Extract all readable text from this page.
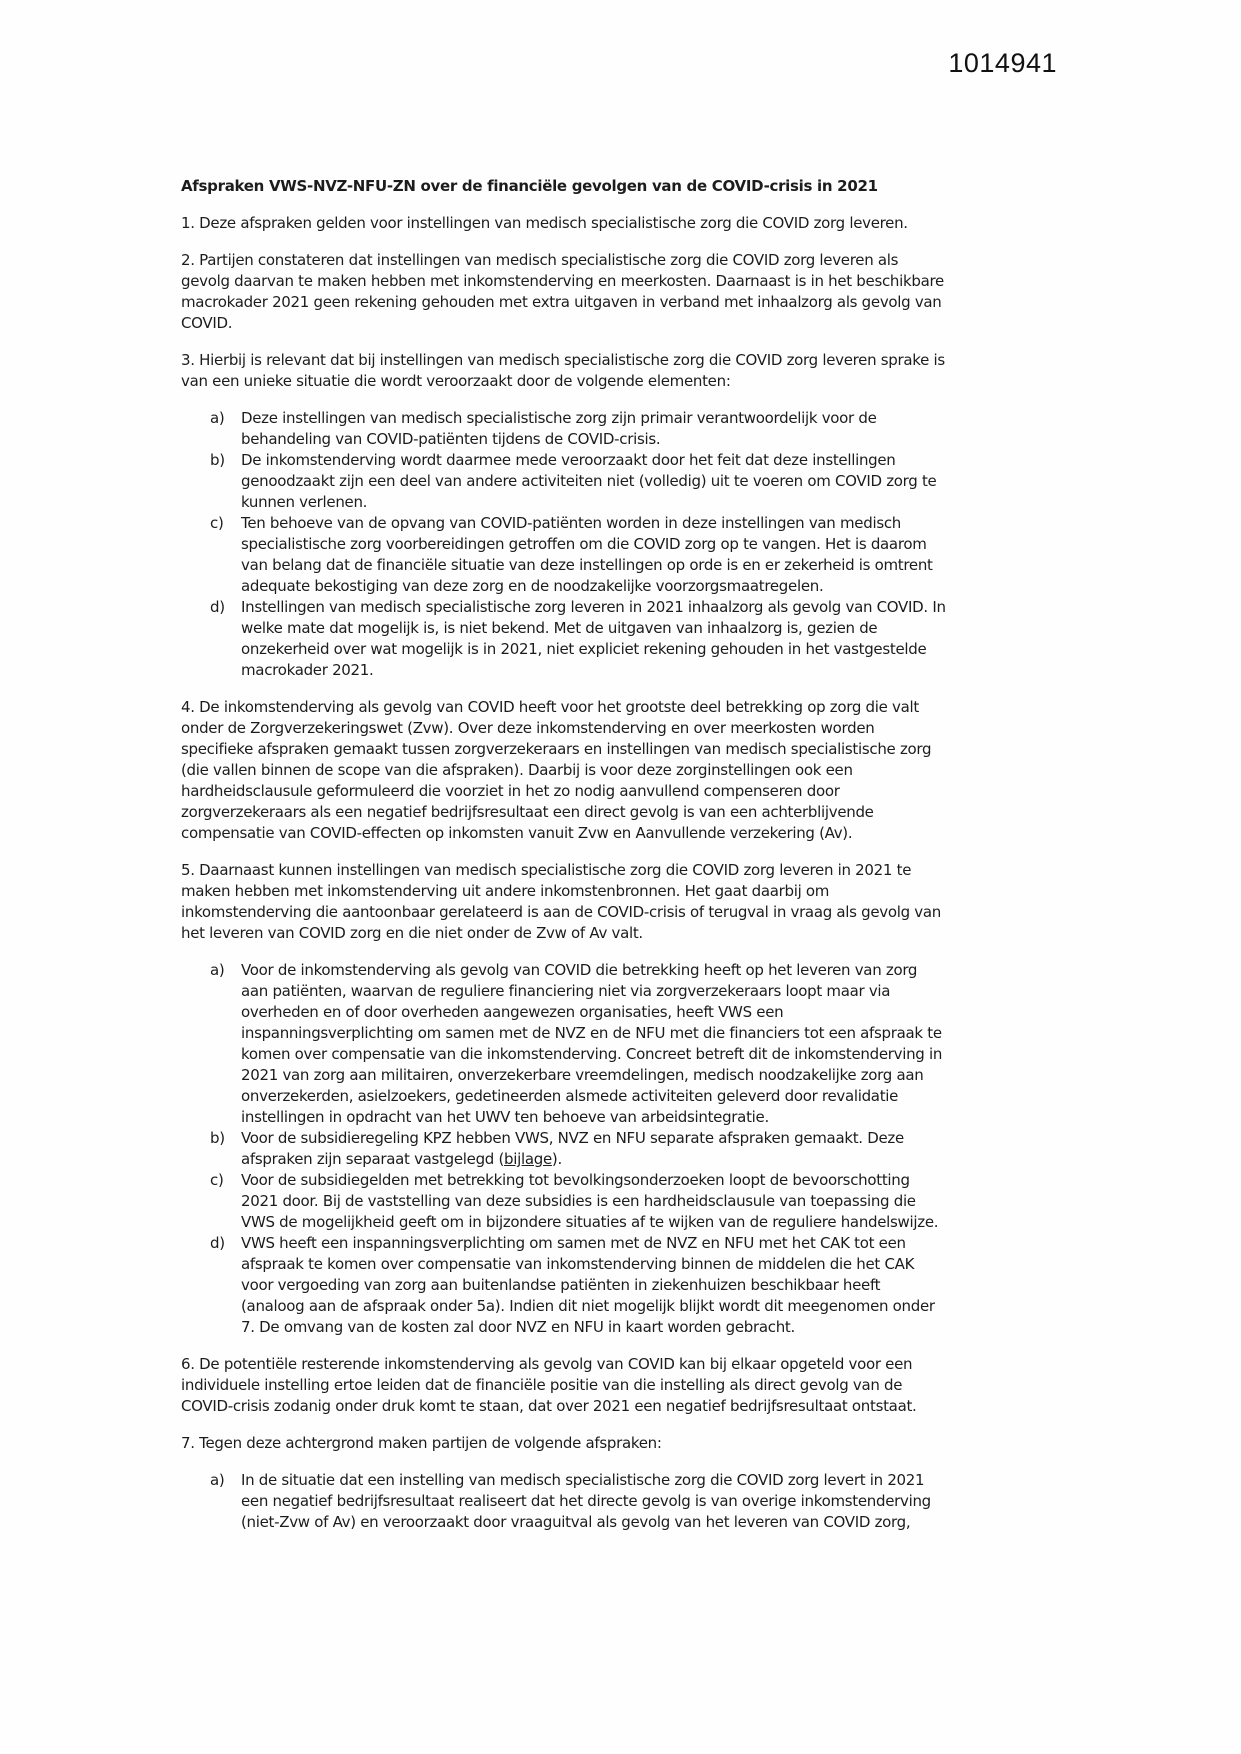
1014941

Afspraken VWS-NVZ-NFU-ZN over de financiële gevolgen van de COVID-crisis in 2021

1. Deze afspraken gelden voor instellingen van medisch specialistische zorg die COVID zorg leveren.

2. Partijen constateren dat instellingen van medisch specialistische zorg die COVID zorg leveren als gevolg daarvan te maken hebben met inkomstenderving en meerkosten. Daarnaast is in het beschikbare macrokader 2021 geen rekening gehouden met extra uitgaven in verband met inhaalzorg als gevolg van COVID.

3. Hierbij is relevant dat bij instellingen van medisch specialistische zorg die COVID zorg leveren sprake is van een unieke situatie die wordt veroorzaakt door de volgende elementen:

a)	Deze instellingen van medisch specialistische zorg zijn primair verantwoordelijk voor de behandeling van COVID-patiënten tijdens de COVID-crisis.
b)	De inkomstenderving wordt daarmee mede veroorzaakt door het feit dat deze instellingen genoodzaakt zijn een deel van andere activiteiten niet (volledig) uit te voeren om COVID zorg te kunnen verlenen.
c)	Ten behoeve van de opvang van COVID-patiënten worden in deze instellingen van medisch specialistische zorg voorbereidingen getroffen om die COVID zorg op te vangen. Het is daarom van belang dat de financiële situatie van deze instellingen op orde is en er zekerheid is omtrent adequate bekostiging van deze zorg en de noodzakelijke voorzorgsmaatregelen.
d)	Instellingen van medisch specialistische zorg leveren in 2021 inhaalzorg als gevolg van COVID. In welke mate dat mogelijk is, is niet bekend. Met de uitgaven van inhaalzorg is, gezien de onzekerheid over wat mogelijk is in 2021, niet expliciet rekening gehouden in het vastgestelde macrokader 2021.

4. De inkomstenderving als gevolg van COVID heeft voor het grootste deel betrekking op zorg die valt onder de Zorgverzekeringswet (Zvw). Over deze inkomstenderving en over meerkosten worden specifieke afspraken gemaakt tussen zorgverzekeraars en instellingen van medisch specialistische zorg (die vallen binnen de scope van die afspraken). Daarbij is voor deze zorginstellingen ook een hardheidsclausule geformuleerd die voorziet in het zo nodig aanvullend compenseren door zorgverzekeraars als een negatief bedrijfsresultaat een direct gevolg is van een achterblijvende compensatie van COVID-effecten op inkomsten vanuit Zvw en Aanvullende verzekering (Av).

5. Daarnaast kunnen instellingen van medisch specialistische zorg die COVID zorg leveren in 2021 te maken hebben met inkomstenderving uit andere inkomstenbronnen. Het gaat daarbij om inkomstenderving die aantoonbaar gerelateerd is aan de COVID-crisis of terugval in vraag als gevolg van het leveren van COVID zorg en die niet onder de Zvw of Av valt.

a)	Voor de inkomstenderving als gevolg van COVID die betrekking heeft op het leveren van zorg aan patiënten, waarvan de reguliere financiering niet via zorgverzekeraars loopt maar via overheden en of door overheden aangewezen organisaties, heeft VWS een inspanningsverplichting om samen met de NVZ en de NFU met die financiers tot een afspraak te komen over compensatie van die inkomstenderving. Concreet betreft dit de inkomstenderving in 2021 van zorg aan militairen, onverzekerbare vreemdelingen, medisch noodzakelijke zorg aan onverzekerden, asielzoekers, gedetineerden alsmede activiteiten geleverd door revalidatie instellingen in opdracht van het UWV ten behoeve van arbeidsintegratie.
b)	Voor de subsidieregeling KPZ hebben VWS, NVZ en NFU separate afspraken gemaakt. Deze afspraken zijn separaat vastgelegd (bijlage).
c)	Voor de subsidiegelden met betrekking tot bevolkingsonderzoeken loopt de bevoorschotting 2021 door. Bij de vaststelling van deze subsidies is een hardheidsclausule van toepassing die VWS de mogelijkheid geeft om in bijzondere situaties af te wijken van de reguliere handelswijze.
d)	VWS heeft een inspanningsverplichting om samen met de NVZ en NFU met het CAK tot een afspraak te komen over compensatie van inkomstenderving binnen de middelen die het CAK voor vergoeding van zorg aan buitenlandse patiënten in ziekenhuizen beschikbaar heeft (analoog aan de afspraak onder 5a). Indien dit niet mogelijk blijkt wordt dit meegenomen onder 7. De omvang van de kosten zal door NVZ en NFU in kaart worden gebracht.

6. De potentiële resterende inkomstenderving als gevolg van COVID kan bij elkaar opgeteld voor een individuele instelling ertoe leiden dat de financiële positie van die instelling als direct gevolg van de COVID-crisis zodanig onder druk komt te staan, dat over 2021 een negatief bedrijfsresultaat ontstaat.

7. Tegen deze achtergrond maken partijen de volgende afspraken:

a)	In de situatie dat een instelling van medisch specialistische zorg die COVID zorg levert in 2021 een negatief bedrijfsresultaat realiseert dat het directe gevolg is van overige inkomstenderving (niet-Zvw of Av) en veroorzaakt door vraaguitval als gevolg van het leveren van COVID zorg,
